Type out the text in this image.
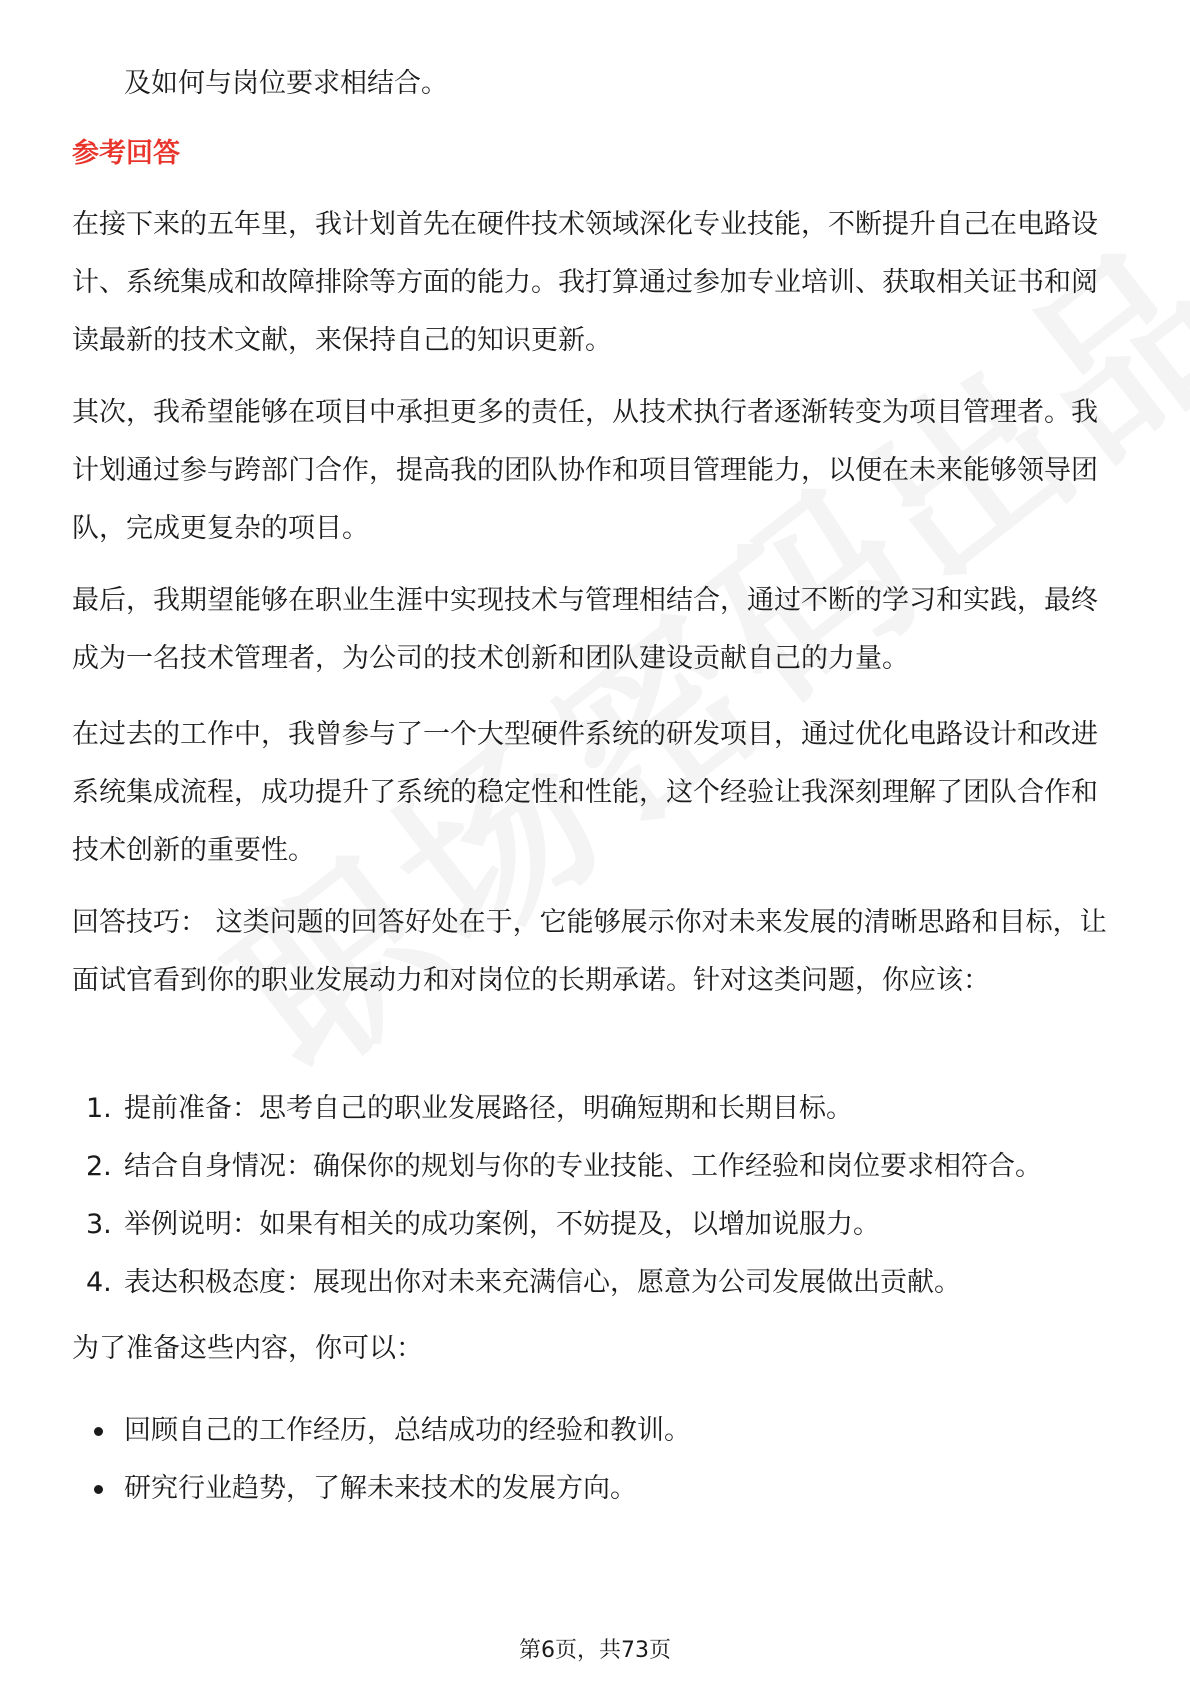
及如何与岗位要求相结合。

参考回答

在接下来的五年里，我计划首先在硬件技术领域深化专业技能，不断提升自己在电路设计、系统集成和故障排除等方面的能力。我打算通过参加专业培训、获取相关证书和阅读最新的技术文献，来保持自己的知识更新。

其次，我希望能够在项目中承担更多的责任，从技术执行者逐渐转变为项目管理者。我计划通过参与跨部门合作，提高我的团队协作和项目管理能力，以便在未来能够领导团队，完成更复杂的项目。

最后，我期望能够在职业生涯中实现技术与管理相结合，通过不断的学习和实践，最终成为一名技术管理者，为公司的技术创新和团队建设贡献自己的力量。

在过去的工作中，我曾参与了一个大型硬件系统的研发项目，通过优化电路设计和改进系统集成流程，成功提升了系统的稳定性和性能，这个经验让我深刻理解了团队合作和技术创新的重要性。

回答技巧： 这类问题的回答好处在于，它能够展示你对未来发展的清晰思路和目标，让面试官看到你的职业发展动力和对岗位的长期承诺。针对这类问题，你应该：

1. 提前准备：思考自己的职业发展路径，明确短期和长期目标。
2. 结合自身情况：确保你的规划与你的专业技能、工作经验和岗位要求相符合。
3. 举例说明：如果有相关的成功案例，不妨提及，以增加说服力。
4. 表达积极态度：展现出你对未来充满信心，愿意为公司发展做出贡献。

为了准备这些内容，你可以：

回顾自己的工作经历，总结成功的经验和教训。
研究行业趋势，了解未来技术的发展方向。
第6页，共73页
